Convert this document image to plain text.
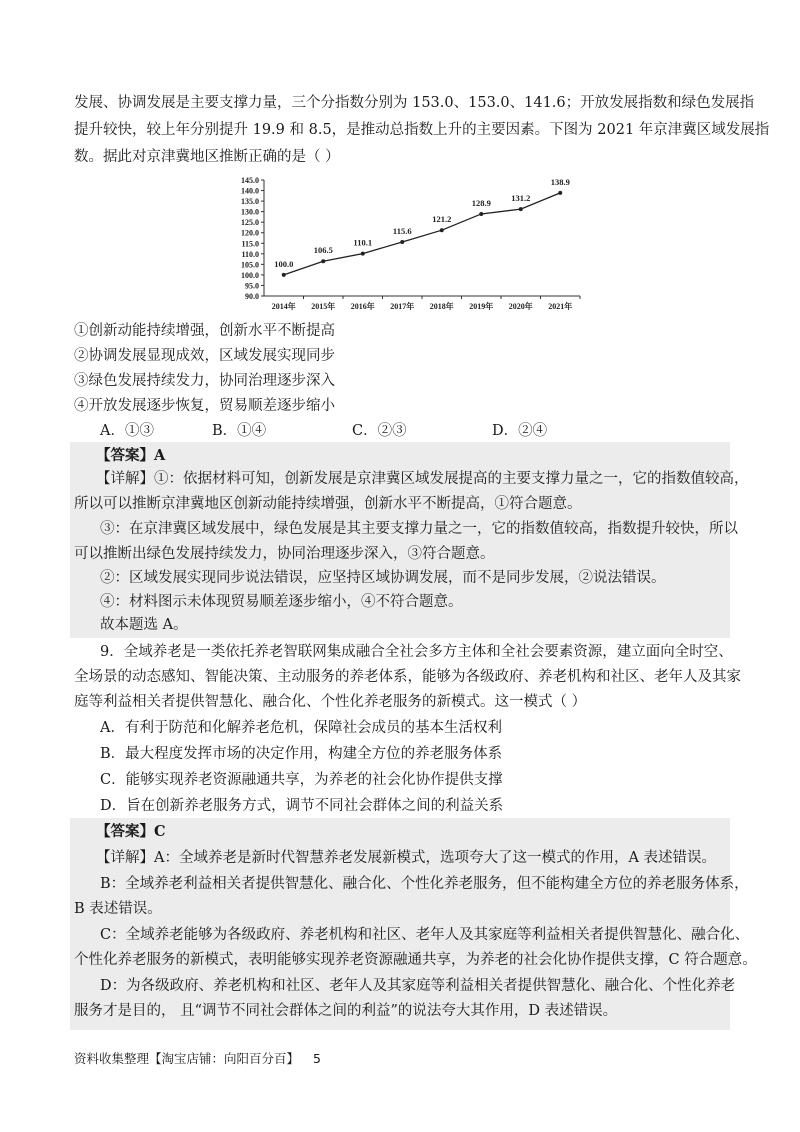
发展、协调发展是主要支撑力量，三个分指数分别为 153.0、153.0、141.6；开放发展指数和绿色发展指
提升较快，较上年分别提升 19.9 和 8.5，是推动总指数上升的主要因素。下图为 2021 年京津冀区域发展指
数。据此对京津冀地区推断正确的是（ ）
90.0
95.0
100.0
105.0
110.0
115.0
120.0
125.0
130.0
135.0
140.0
145.0
2014年 2015年 2016年 2017年 2018年 2019年 2020年 2021年
100.0
106.5
110.1
115.6
121.2
128.9 131.2
138.9
①创新动能持续增强，创新水平不断提高
②协调发展显现成效，区域发展实现同步
③绿色发展持续发力，协同治理逐步深入
④开放发展逐步恢复，贸易顺差逐步缩小
A．①③	B．①④	C．②③	D．②④
【答案】A
【详解】①：依据材料可知，创新发展是京津冀区域发展提高的主要支撑力量之一，它的指数值较高，
所以可以推断京津冀地区创新动能持续增强，创新水平不断提高，①符合题意。
③：在京津冀区域发展中，绿色发展是其主要支撑力量之一，它的指数值较高，指数提升较快，所以
可以推断出绿色发展持续发力，协同治理逐步深入，③符合题意。
②：区域发展实现同步说法错误，应坚持区域协调发展，而不是同步发展，②说法错误。
④：材料图示未体现贸易顺差逐步缩小，④不符合题意。
故本题选 A。
9．全域养老是一类依托养老智联网集成融合全社会多方主体和全社会要素资源，建立面向全时空、
全场景的动态感知、智能决策、主动服务的养老体系，能够为各级政府、养老机构和社区、老年人及其家
庭等利益相关者提供智慧化、融合化、个性化养老服务的新模式。这一模式（ ）
A．有利于防范和化解养老危机，保障社会成员的基本生活权利
B．最大程度发挥市场的决定作用，构建全方位的养老服务体系
C．能够实现养老资源融通共享，为养老的社会化协作提供支撑
D．旨在创新养老服务方式，调节不同社会群体之间的利益关系
【答案】C
【详解】A：全域养老是新时代智慧养老发展新模式，选项夸大了这一模式的作用，A 表述错误。
B：全域养老利益相关者提供智慧化、融合化、个性化养老服务，但不能构建全方位的养老服务体系，
B 表述错误。
C：全域养老能够为各级政府、养老机构和社区、老年人及其家庭等利益相关者提供智慧化、融合化、
个性化养老服务的新模式，表明能够实现养老资源融通共享，为养老的社会化协作提供支撑，C 符合题意。
D：为各级政府、养老机构和社区、老年人及其家庭等利益相关者提供智慧化、融合化、个性化养老
服务才是目的， 且“调节不同社会群体之间的利益”的说法夸大其作用，D 表述错误。
资料收集整理【淘宝店铺：向阳百分百】 5
